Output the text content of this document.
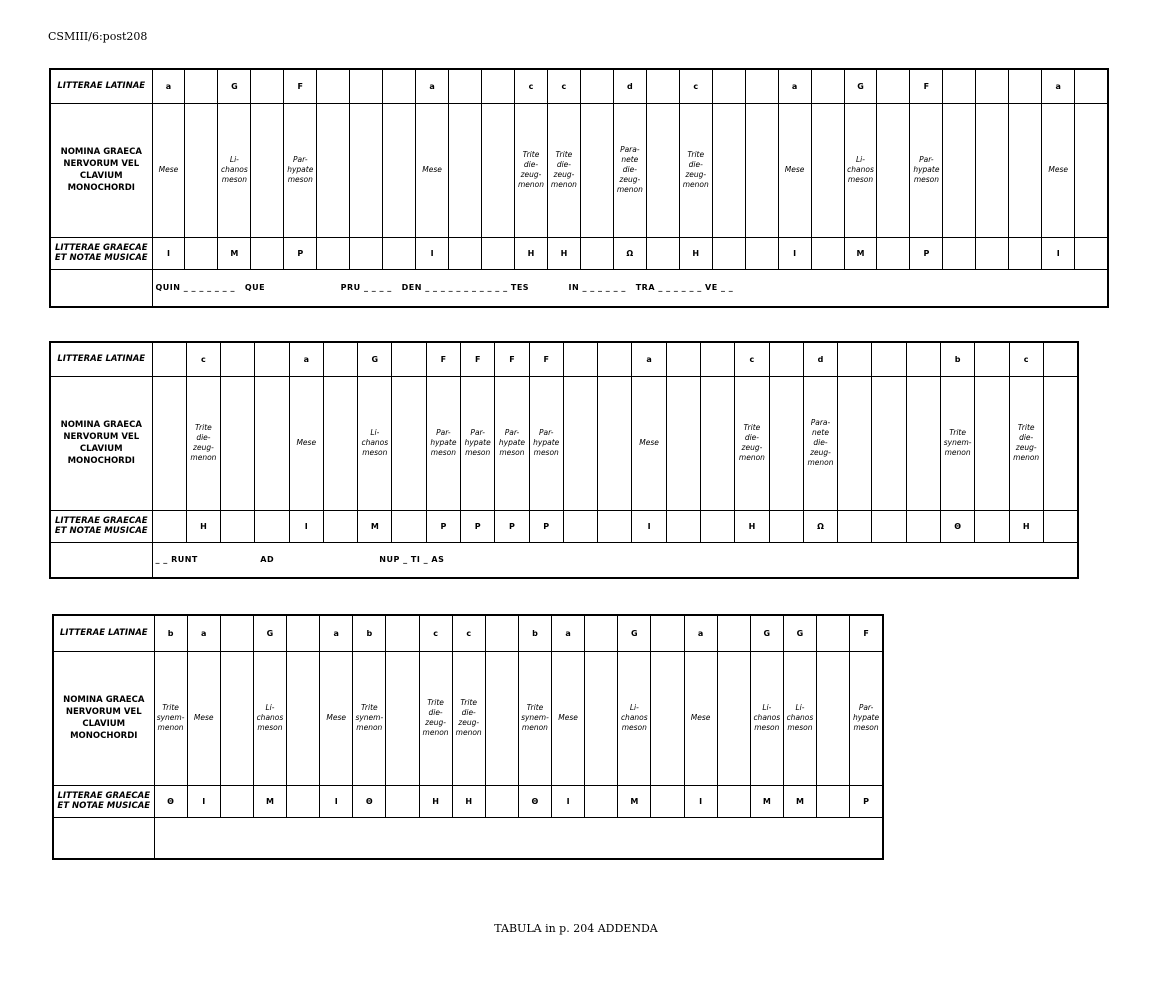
CSMIII/6:post208
LITTERAE LATINAE	a		G		F				a			c	c		d		c			a		G		F				a	
NOMINA GRAECA
NERVORUM VEL
CLAVIUM
MONOCHORDI	Mese		Li-
chanos
meson		Par-
hypate
meson				Mese			Trite
die-
zeug-
menon	Trite
die-
zeug-
menon		Para-
nete
die-
zeug-
menon		Trite
die-
zeug-
menon			Mese		Li-
chanos
meson		Par-
hypate
meson				Mese	

LITTERAE GRAECAE
ET NOTAE MUSICAE	I		M		P				I			H	H		Ω		H			I		M		P				I	
	QUIN _ _ _ _ _ _ _   QUE                       PRU _ _ _ _   DEN _ _ _ _ _ _ _ _ _ _ _ TES            IN _ _ _ _ _ _   TRA _ _ _ _ _ _ VE _ _																												
LITTERAE LATINAE		c			a		G		F	F	F	F			a			c		d				b		c	
NOMINA GRAECA
NERVORUM VEL
CLAVIUM
MONOCHORDI		Trite
die-
zeug-
menon			Mese		Li-
chanos
meson		Par-
hypate
meson	Par-
hypate
meson	Par-
hypate
meson	Par-
hypate
meson			Mese			Trite
die-
zeug-
menon		Para-
nete
die-
zeug-
menon				Trite
synem-
menon		Trite
die-
zeug-
menon	

LITTERAE GRAECAE
ET NOTAE MUSICAE		H			I		M		P	P	P	P			I			H		Ω				Θ		H	
	_ _ RUNT                   AD                                NUP _ TI _ AS																										
LITTERAE LATINAE	b	a		G		a	b		c	c		b	a		G		a		G	G		F
NOMINA GRAECA
NERVORUM VEL
CLAVIUM
MONOCHORDI	Trite
synem-
menon	Mese		Li-
chanos
meson		Mese	Trite
synem-
menon		Trite
die-
zeug-
menon	Trite
die-
zeug-
menon		Trite
synem-
menon	Mese		Li-
chanos
meson		Mese		Li-
chanos
meson	Li-
chanos
meson		Par-
hypate
meson

LITTERAE GRAECAE
ET NOTAE MUSICAE	Θ	I		M		I	Θ		H	H		Θ	I		M		I		M	M		P

TABULA in p. 204 ADDENDA
